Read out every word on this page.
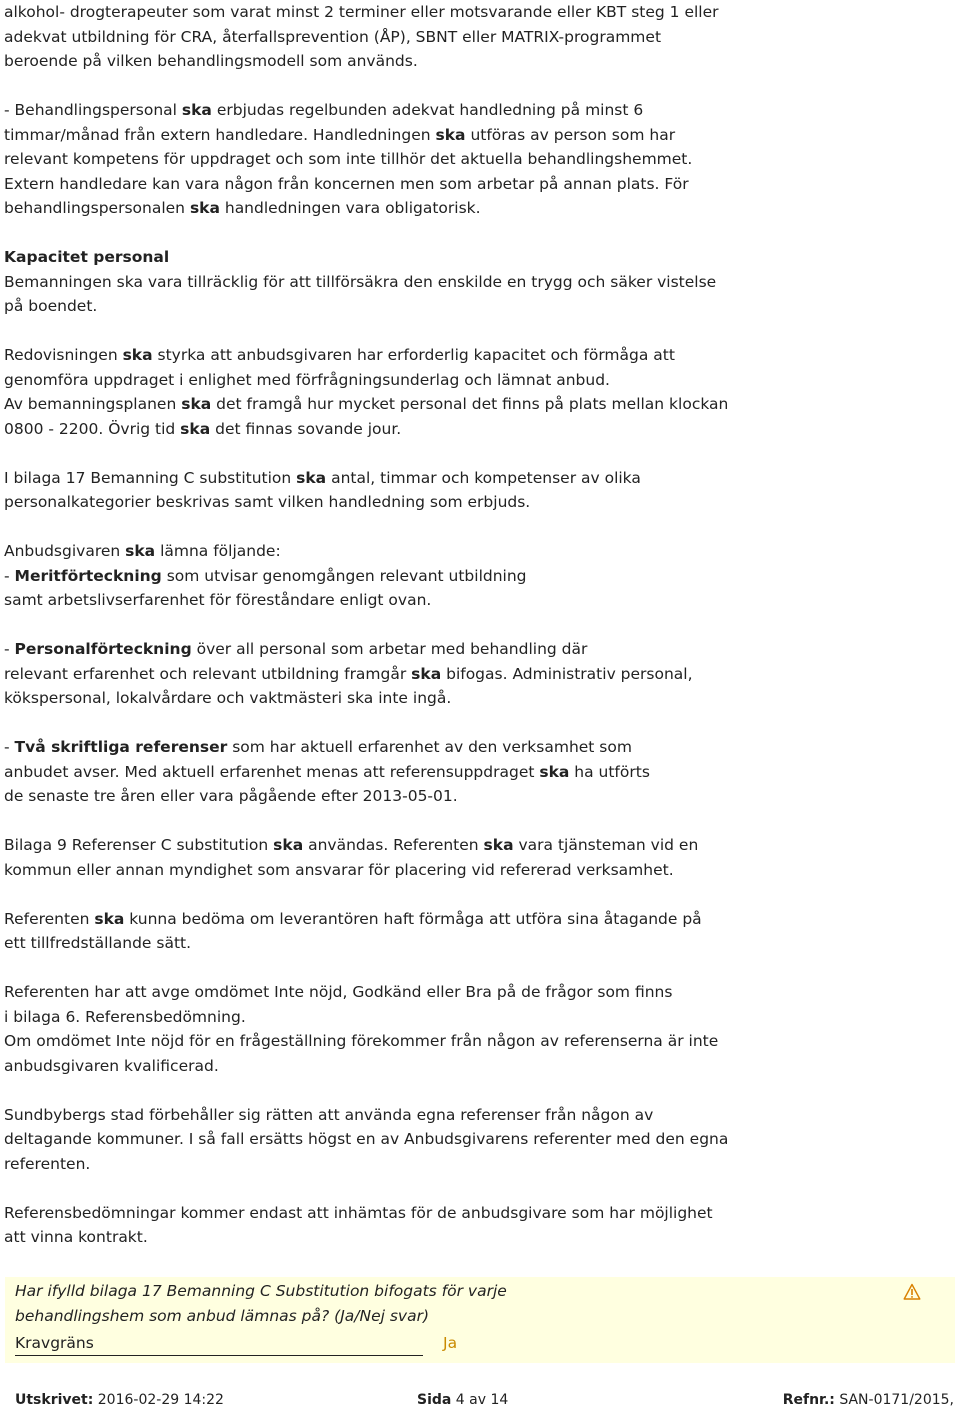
alkohol- drogterapeuter som varat minst 2 terminer eller motsvarande eller KBT steg 1 eller

adekvat utbildning för CRA, återfallsprevention (ÅP), SBNT eller MATRIX-programmet

beroende på vilken behandlingsmodell som används.

- Behandlingspersonal ska erbjudas regelbunden adekvat handledning på minst 6

timmar/månad från extern handledare. Handledningen ska utföras av person som har

relevant kompetens för uppdraget och som inte tillhör det aktuella behandlingshemmet.

Extern handledare kan vara någon från koncernen men som arbetar på annan plats. För

behandlingspersonalen ska handledningen vara obligatorisk.

Kapacitet personal

Bemanningen ska vara tillräcklig för att tillförsäkra den enskilde en trygg och säker vistelse

på boendet.

Redovisningen ska styrka att anbudsgivaren har erforderlig kapacitet och förmåga att

genomföra uppdraget i enlighet med förfrågningsunderlag och lämnat anbud.

Av bemanningsplanen ska det framgå hur mycket personal det finns på plats mellan klockan

0800 - 2200. Övrig tid ska det finnas sovande jour.

I bilaga 17 Bemanning C substitution ska antal, timmar och kompetenser av olika

personalkategorier beskrivas samt vilken handledning som erbjuds.

Anbudsgivaren ska lämna följande:

- Meritförteckning som utvisar genomgången relevant utbildning

samt arbetslivserfarenhet för föreståndare enligt ovan.

- Personalförteckning över all personal som arbetar med behandling där

relevant erfarenhet och relevant utbildning framgår ska bifogas. Administrativ personal,

kökspersonal, lokalvårdare och vaktmästeri ska inte ingå.

- Två skriftliga referenser som har aktuell erfarenhet av den verksamhet som

anbudet avser. Med aktuell erfarenhet menas att referensuppdraget ska ha utförts

de senaste tre åren eller vara pågående efter 2013-05-01.

Bilaga 9 Referenser C substitution ska användas. Referenten ska vara tjänsteman vid en

kommun eller annan myndighet som ansvarar för placering vid refererad verksamhet.

Referenten ska kunna bedöma om leverantören haft förmåga att utföra sina åtagande på

ett tillfredställande sätt.

Referenten har att avge omdömet Inte nöjd, Godkänd eller Bra på de frågor som finns

i bilaga 6. Referensbedömning.

Om omdömet Inte nöjd för en frågeställning förekommer från någon av referenserna är inte

anbudsgivaren kvalificerad.

Sundbybergs stad förbehåller sig rätten att använda egna referenser från någon av

deltagande kommuner. I så fall ersätts högst en av Anbudsgivarens referenter med den egna

referenten.

Referensbedömningar kommer endast att inhämtas för de anbudsgivare som har möjlighet

att vinna kontrakt.

Har ifylld bilaga 17 Bemanning C Substitution bifogats för varje
behandlingshem som anbud lämnas på? (Ja/Nej svar)
Kravgräns	Ja
Utskrivet: 2016-02-29 14:22	Sida 4 av 14	Refnr.: SAN-0171/2015,
